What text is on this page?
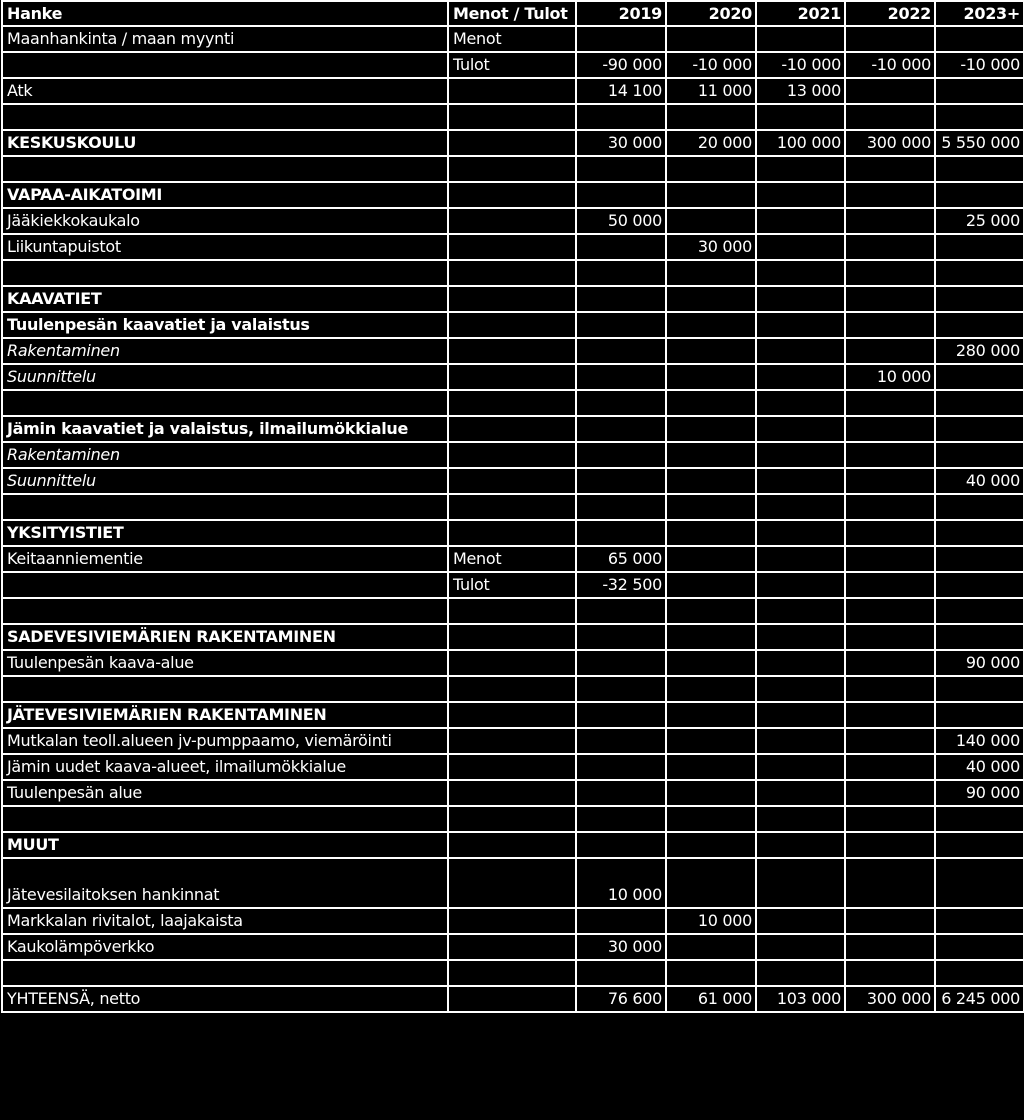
Hanke	Menot / Tulot	2019	2020	2021	2022	2023+
Maanhankinta / maan myynti	Menot					
	Tulot	-90 000	-10 000	-10 000	-10 000	-10 000
Atk		14 100	11 000	13 000		

KESKUSKOULU		30 000	20 000	100 000	300 000	5 550 000

VAPAA-AIKATOIMI						
Jääkiekkokaukalo		50 000				25 000
Liikuntapuistot			30 000			

KAAVATIET						
Tuulenpesän kaavatiet ja valaistus						
Rakentaminen						280 000
Suunnittelu					10 000	

Jämin kaavatiet ja valaistus, ilmailumökkialue						
Rakentaminen						
Suunnittelu						40 000

YKSITYISTIET						
Keitaanniementie	Menot	65 000				
	Tulot	-32 500				

SADEVESIVIEMÄRIEN RAKENTAMINEN						
Tuulenpesän kaava-alue						90 000

JÄTEVESIVIEMÄRIEN RAKENTAMINEN						
Mutkalan teoll.alueen jv-pumppaamo, viemäröinti						140 000
Jämin uudet kaava-alueet, ilmailumökkialue						40 000
Tuulenpesän alue						90 000

MUUT						
Jätevesilaitoksen hankinnat		10 000				
Markkalan rivitalot, laajakaista			10 000			
Kaukolämpöverkko		30 000				

YHTEENSÄ, netto		76 600	61 000	103 000	300 000	6 245 000
